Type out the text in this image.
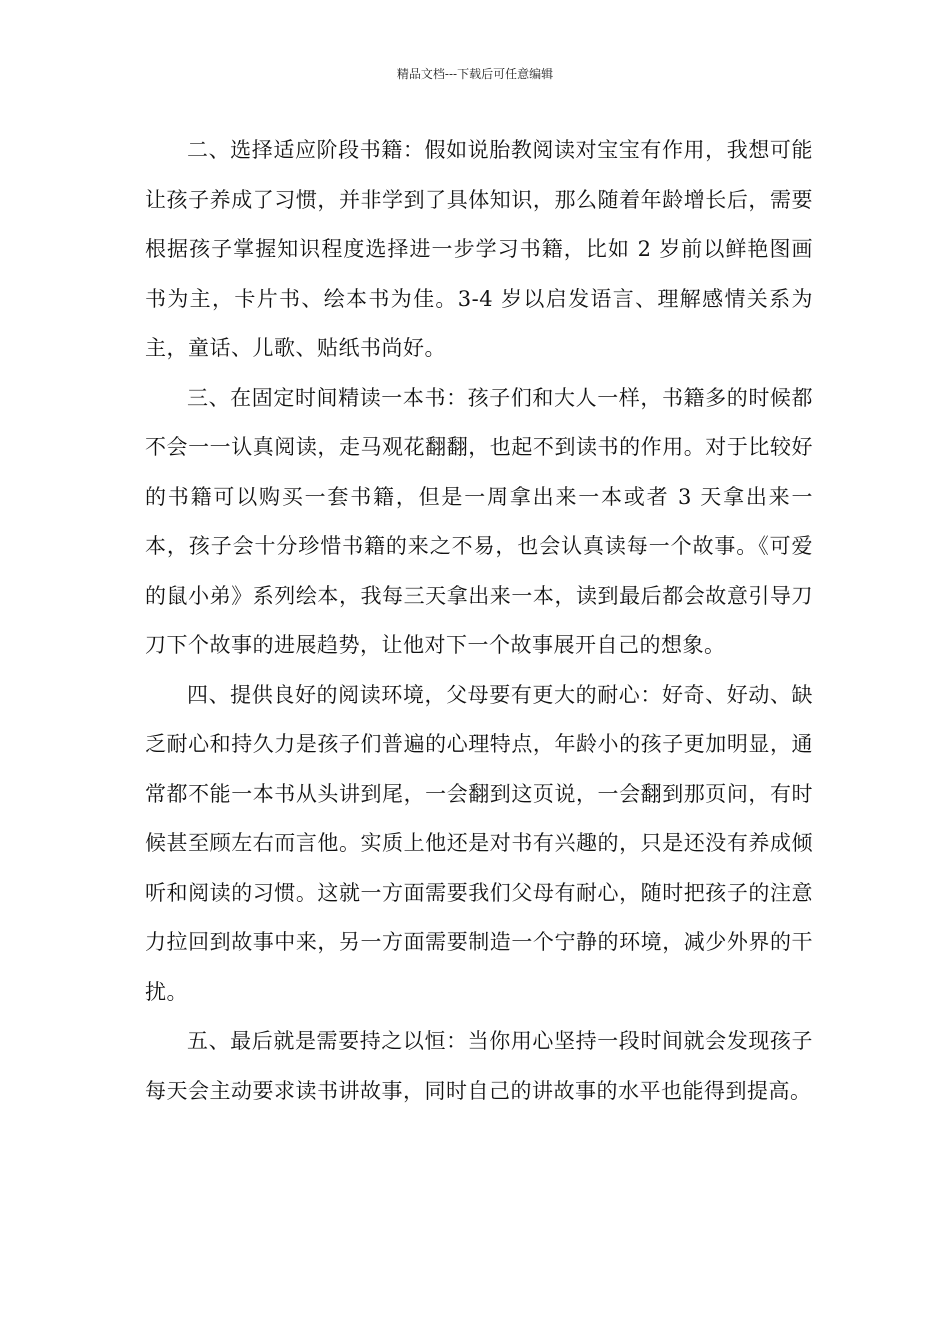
精品文档---下载后可任意编辑

二、选择适应阶段书籍：假如说胎教阅读对宝宝有作用，我想可能让孩子养成了习惯，并非学到了具体知识，那么随着年龄增长后，需要根据孩子掌握知识程度选择进一步学习书籍，比如 2 岁前以鲜艳图画书为主，卡片书、绘本书为佳。3-4 岁以启发语言、理解感情关系为主，童话、儿歌、贴纸书尚好。

三、在固定时间精读一本书：孩子们和大人一样，书籍多的时候都不会一一认真阅读，走马观花翻翻，也起不到读书的作用。对于比较好的书籍可以购买一套书籍，但是一周拿出来一本或者 3 天拿出来一本，孩子会十分珍惜书籍的来之不易，也会认真读每一个故事。《可爱的鼠小弟》系列绘本，我每三天拿出来一本，读到最后都会故意引导刀刀下个故事的进展趋势，让他对下一个故事展开自己的想象。

四、提供良好的阅读环境，父母要有更大的耐心：好奇、好动、缺乏耐心和持久力是孩子们普遍的心理特点，年龄小的孩子更加明显，通常都不能一本书从头讲到尾，一会翻到这页说，一会翻到那页问，有时候甚至顾左右而言他。实质上他还是对书有兴趣的，只是还没有养成倾听和阅读的习惯。这就一方面需要我们父母有耐心，随时把孩子的注意力拉回到故事中来，另一方面需要制造一个宁静的环境，减少外界的干扰。

五、最后就是需要持之以恒：当你用心坚持一段时间就会发现孩子每天会主动要求读书讲故事，同时自己的讲故事的水平也能得到提高。
